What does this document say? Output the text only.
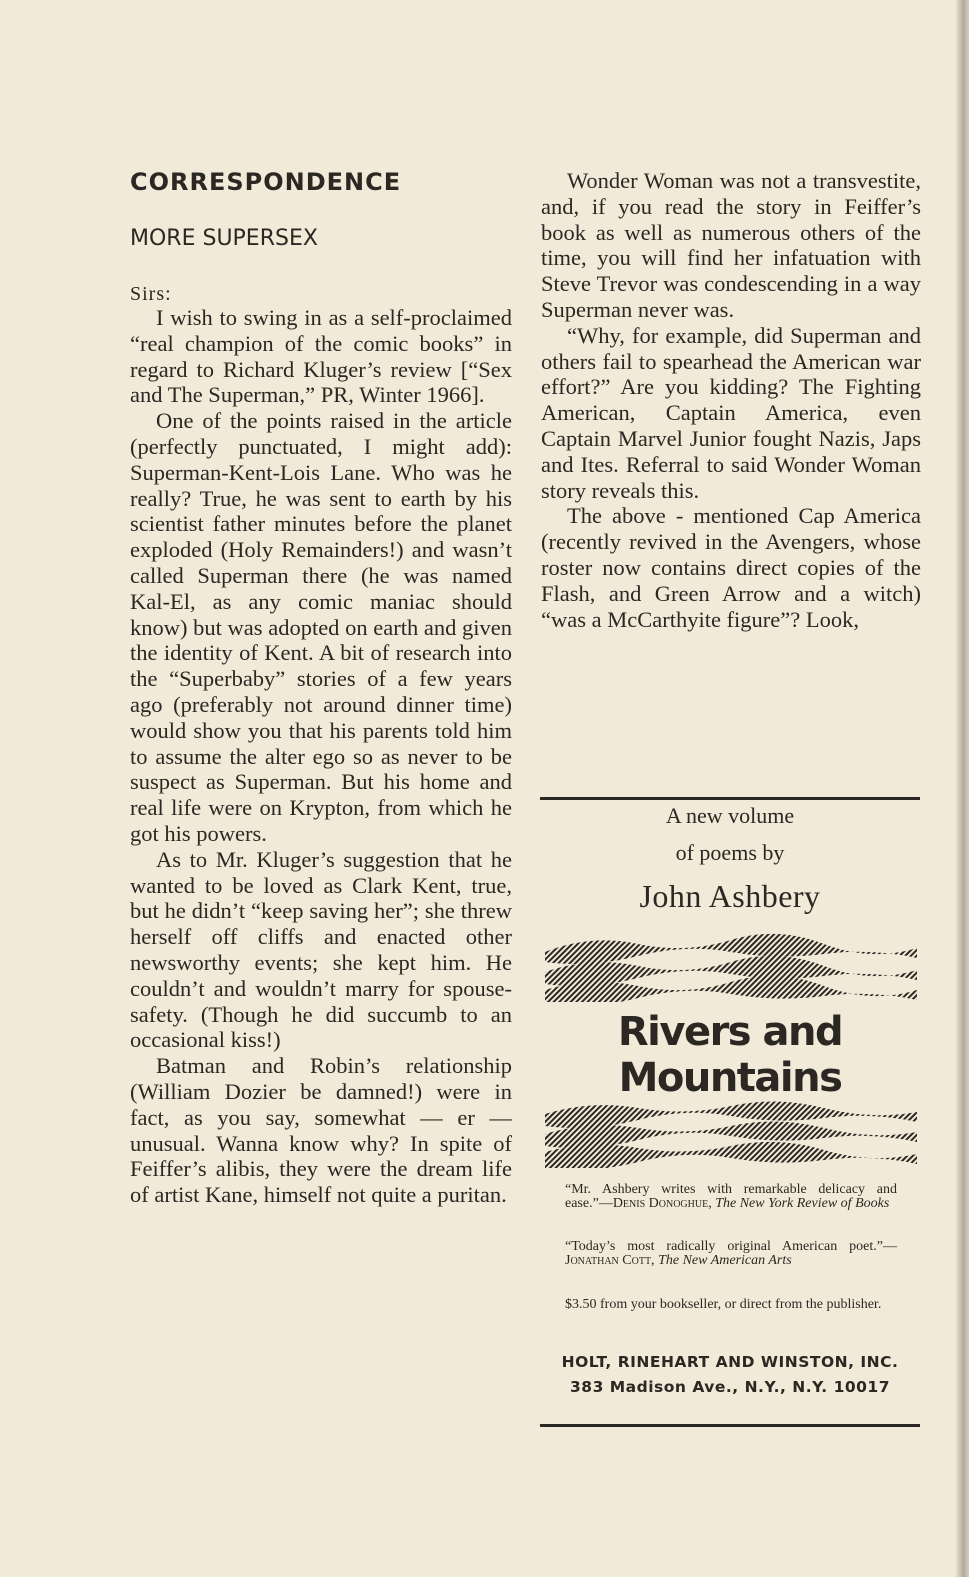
CORRESPONDENCE
MORE SUPERSEX
Sirs:

I wish to swing in as a self-proclaimed “real champion of the comic books” in regard to Richard Kluger’s review [“Sex and The Superman,” PR, Winter 1966].

One of the points raised in the article (perfectly punctuated, I might add): Superman-Kent-Lois Lane. Who was he really? True, he was sent to earth by his scientist father minutes before the planet exploded (Holy Remainders!) and wasn’t called Superman there (he was named Kal-El, as any comic maniac should know) but was adopted on earth and given the identity of Kent. A bit of research into the “Superbaby” stories of a few years ago (preferably not around dinner time) would show you that his parents told him to assume the alter ego so as never to be suspect as Superman. But his home and real life were on Krypton, from which he got his powers.

As to Mr. Kluger’s suggestion that he wanted to be loved as Clark Kent, true, but he didn’t “keep saving her”; she threw herself off cliffs and enacted other newsworthy events; she kept him. He couldn’t and wouldn’t marry for spouse-safety. (Though he did succumb to an occasional kiss!)

Batman and Robin’s relationship (William Dozier be damned!) were in fact, as you say, somewhat — er — unusual. Wanna know why? In spite of Feiffer’s alibis, they were the dream life of artist Kane, himself not quite a puritan.

Wonder Woman was not a transvestite, and, if you read the story in Feiffer’s book as well as numerous others of the time, you will find her infatuation with Steve Trevor was condescending in a way Superman never was.

“Why, for example, did Superman and others fail to spearhead the American war effort?” Are you kidding? The Fighting American, Captain America, even Captain Marvel Junior fought Nazis, Japs and Ites. Referral to said Wonder Woman story reveals this.

The above - mentioned Cap America (recently revived in the Avengers, whose roster now contains direct copies of the Flash, and Green Arrow and a witch) “was a McCarthyite figure”? Look,

A new volume
of poems by
John Ashbery
Rivers and
Mountains
“Mr. Ashbery writes with remarkable delicacy and ease.”—Denis Donoghue, The New York Review of Books
“Today’s most radically original American poet.”—Jonathan Cott, The New American Arts
$3.50 from your bookseller, or direct from the publisher.
HOLT, RINEHART AND WINSTON, INC.
383 Madison Ave., N.Y., N.Y. 10017
